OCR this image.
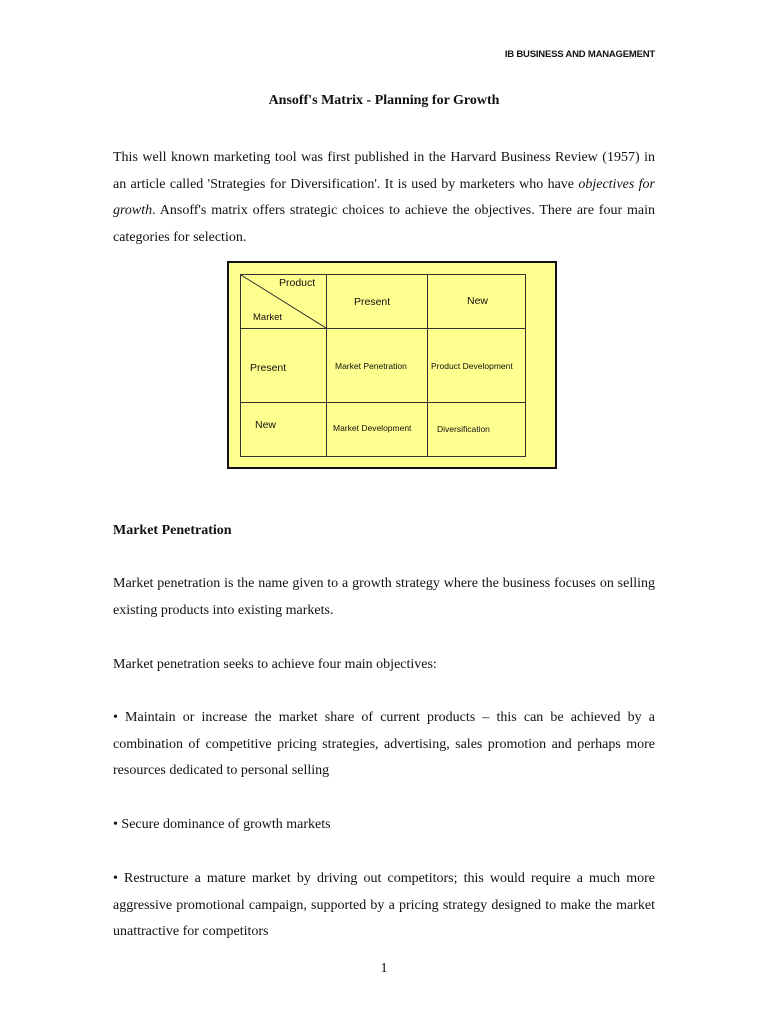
IB BUSINESS AND MANAGEMENT
Ansoff's Matrix - Planning for Growth

This well known marketing tool was first published in the Harvard Business Review (1957) in an article called 'Strategies for Diversification'. It is used by marketers who have objectives for growth. Ansoff's matrix offers strategic choices to achieve the objectives. There are four main categories for selection.

Product
Market	Present	New

Present	Market Penetration	Product Development

New	Market Development	Diversification
Market Penetration
Market penetration is the name given to a growth strategy where the business focuses on selling existing products into existing markets.
Market penetration seeks to achieve four main objectives:
• Maintain or increase the market share of current products – this can be achieved by a combination of competitive pricing strategies, advertising, sales promotion and perhaps more resources dedicated to personal selling
• Secure dominance of growth markets
• Restructure a mature market by driving out competitors; this would require a much more aggressive promotional campaign, supported by a pricing strategy designed to make the market unattractive for competitors
1
